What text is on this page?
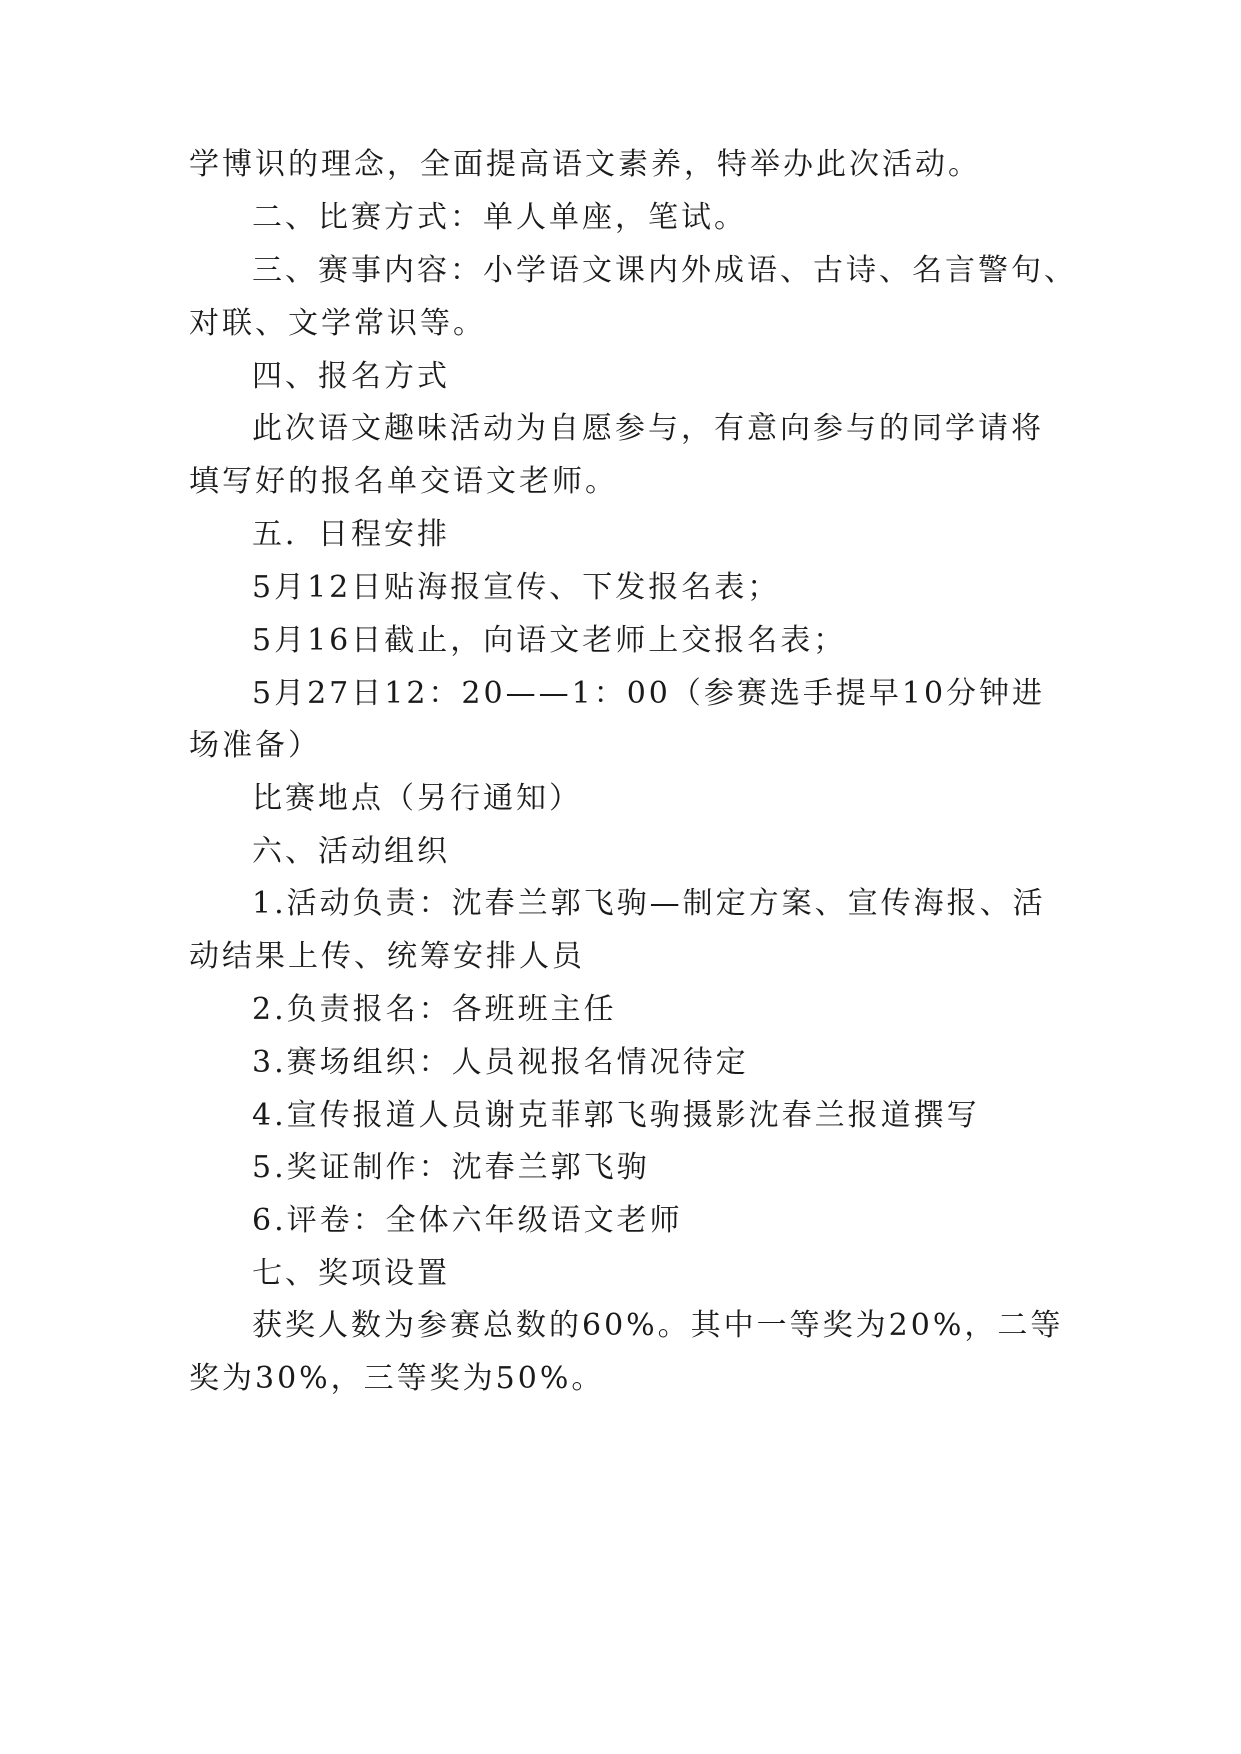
学博识的理念，全面提高语文素养，特举办此次活动。
二、比赛方式：单人单座，笔试。
三、赛事内容：小学语文课内外成语、古诗、名言警句、
对联、文学常识等。
四、报名方式
此次语文趣味活动为自愿参与，有意向参与的同学请将
填写好的报名单交语文老师。
五．日程安排
5月12日贴海报宣传、下发报名表；
5月16日截止，向语文老师上交报名表；
5月27日12：20——1：00（参赛选手提早10分钟进
场准备）
比赛地点（另行通知）
六、活动组织
1.活动负责：沈春兰郭飞驹—制定方案、宣传海报、活
动结果上传、统筹安排人员
2.负责报名：各班班主任
3.赛场组织：人员视报名情况待定
4.宣传报道人员谢克菲郭飞驹摄影沈春兰报道撰写
5.奖证制作：沈春兰郭飞驹
6.评卷：全体六年级语文老师
七、奖项设置
获奖人数为参赛总数的60%。其中一等奖为20%，二等
奖为30%，三等奖为50%。
